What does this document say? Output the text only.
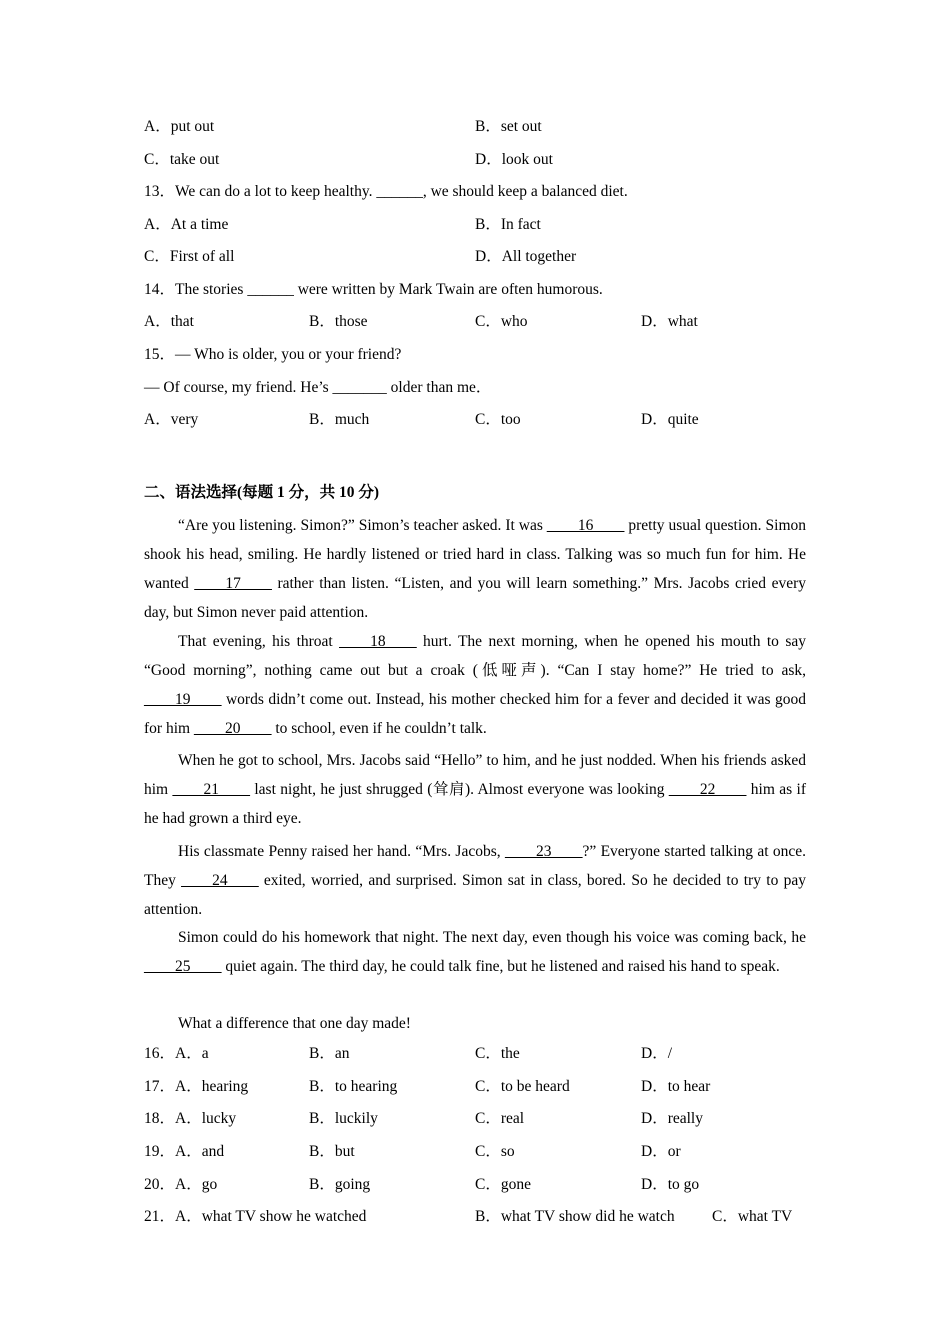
A．put out	B．set out
C．take out	D．look out
13．We can do a lot to keep healthy. ______, we should keep a balanced diet.
A．At a time	B．In fact
C．First of all	D．All together
14．The stories ______ were written by Mark Twain are often humorous.
A．that	B．those	C．who	D．what
15．— Who is older, you or your friend?
— Of course, my friend. He’s _______ older than me．
A．very	B．much	C．too	D．quite
二、语法选择(每题 1 分，共 10 分)
“Are you listening. Simon?” Simon’s teacher asked. It was ____16____ pretty usual question. Simon shook his head, smiling. He hardly listened or tried hard in class. Talking was so much fun for him. He wanted ____17____ rather than listen. “Listen, and you will learn something.” Mrs. Jacobs cried every day, but Simon never paid attention.
That evening, his throat ____18____ hurt. The next morning, when he opened his mouth to say “Good morning”, nothing came out but a croak (低哑声). “Can I stay home?” He tried to ask, ____19____ words didn’t come out. Instead, his mother checked him for a fever and decided it was good for him ____20____ to school, even if he couldn’t talk.
When he got to school, Mrs. Jacobs said “Hello” to him, and he just nodded. When his friends asked him ____21____ last night, he just shrugged (耸肩). Almost everyone was looking ____22____ him as if he had grown a third eye.
His classmate Penny raised her hand. “Mrs. Jacobs, ____23____?” Everyone started talking at once. They ____24____ exited, worried, and surprised. Simon sat in class, bored. So he decided to try to pay attention.
Simon could do his homework that night. The next day, even though his voice was coming back, he ____25____ quiet again. The third day, he could talk fine, but he listened and raised his hand to speak.
What a difference that one day made!
16．A．a	B．an	C．the	D．/
17．A．hearing	B．to hearing	C．to be heard	D．to hear
18．A．lucky	B．luckily	C．real	D．really
19．A．and	B．but	C．so	D．or
20．A．go	B．going	C．gone	D．to go
21．A．what TV show he watched	B．what TV show did he watch C．what TV
